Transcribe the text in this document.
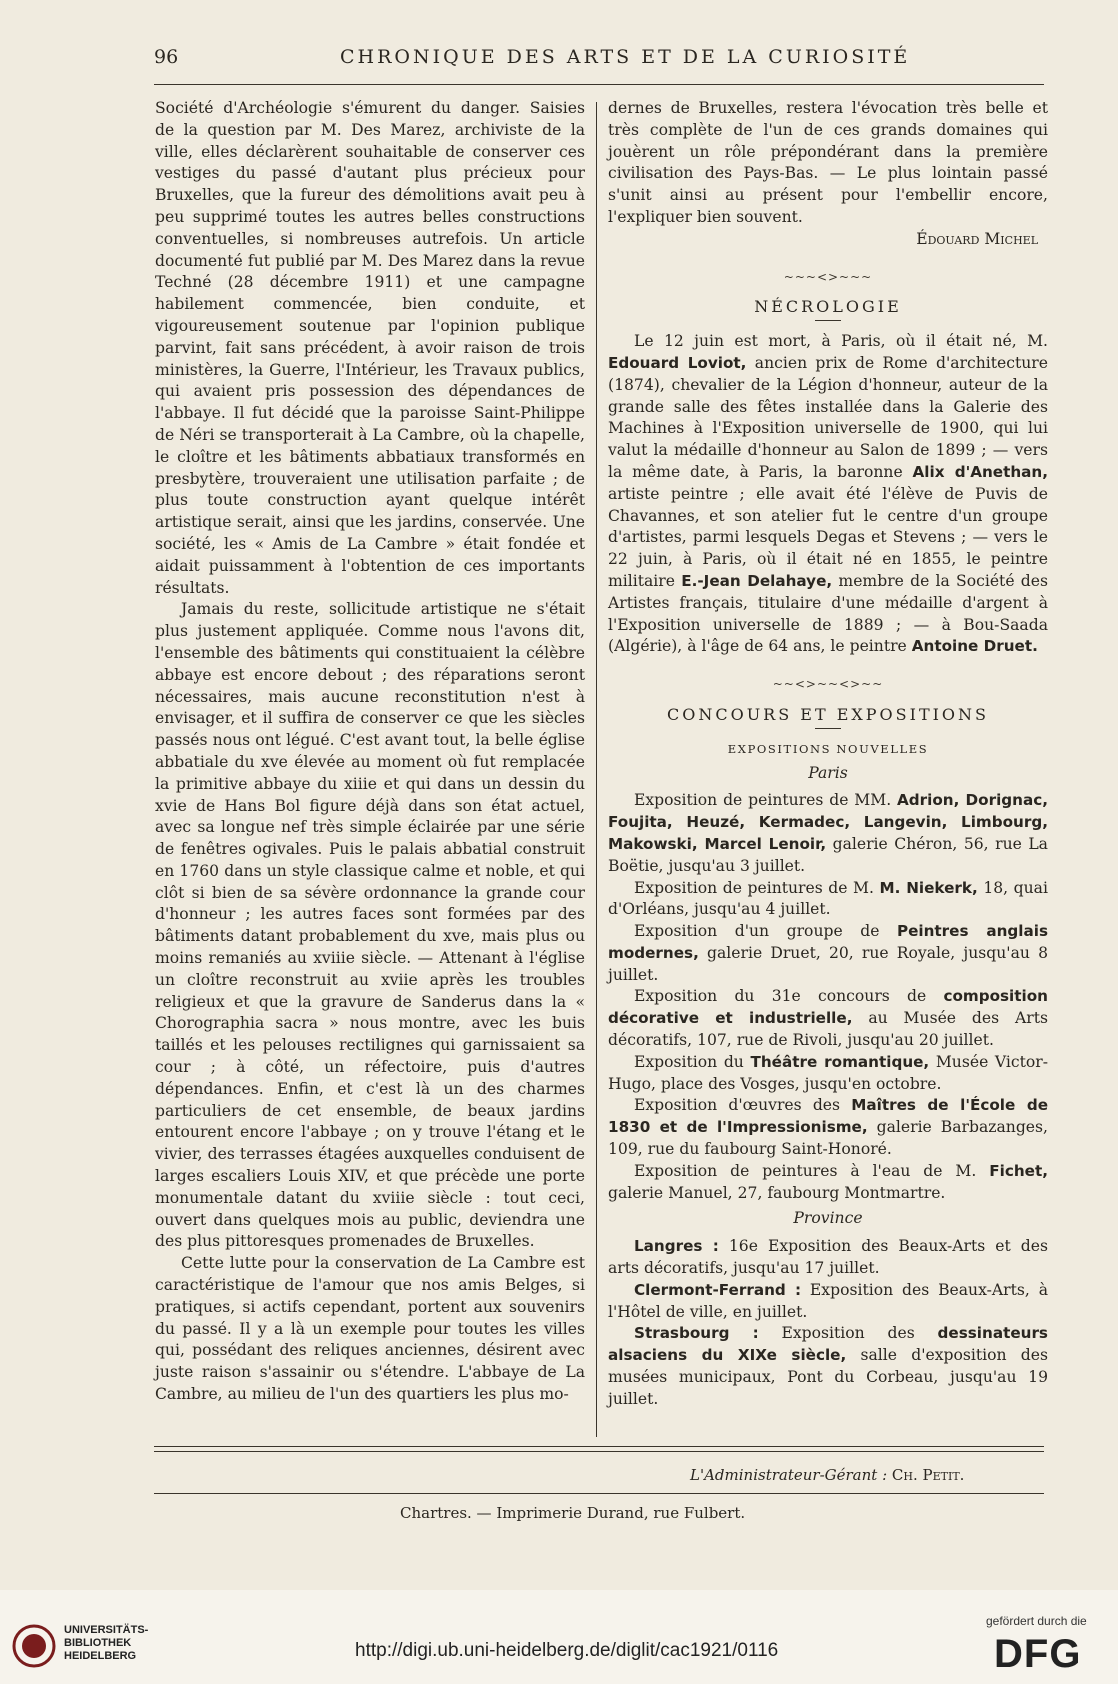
96	CHRONIQUE DES ARTS ET DE LA CURIOSITÉ

Société d'Archéologie s'émurent du danger. Saisies de la question par M. Des Marez, archiviste de la ville, elles déclarèrent souhaitable de conserver ces vestiges du passé d'autant plus précieux pour Bruxelles, que la fureur des démolitions avait peu à peu supprimé toutes les autres belles constructions conventuelles, si nombreuses autrefois. Un article documenté fut publié par M. Des Marez dans la revue Techné (28 décembre 1911) et une campagne habilement commencée, bien conduite, et vigoureusement soutenue par l'opinion publique parvint, fait sans précédent, à avoir raison de trois ministères, la Guerre, l'Intérieur, les Travaux publics, qui avaient pris possession des dépendances de l'abbaye. Il fut décidé que la paroisse Saint-Philippe de Néri se transporterait à La Cambre, où la chapelle, le cloître et les bâtiments abbatiaux transformés en presbytère, trouveraient une utilisation parfaite ; de plus toute construction ayant quelque intérêt artistique serait, ainsi que les jardins, conservée. Une société, les « Amis de La Cambre » était fondée et aidait puissamment à l'obtention de ces importants résultats.

Jamais du reste, sollicitude artistique ne s'était plus justement appliquée. Comme nous l'avons dit, l'ensemble des bâtiments qui constituaient la célèbre abbaye est encore debout ; des réparations seront nécessaires, mais aucune reconstitution n'est à envisager, et il suffira de conserver ce que les siècles passés nous ont légué. C'est avant tout, la belle église abbatiale du xve élevée au moment où fut remplacée la primitive abbaye du xiiie et qui dans un dessin du xvie de Hans Bol figure déjà dans son état actuel, avec sa longue nef très simple éclairée par une série de fenêtres ogivales. Puis le palais abbatial construit en 1760 dans un style classique calme et noble, et qui clôt si bien de sa sévère ordonnance la grande cour d'honneur ; les autres faces sont formées par des bâtiments datant probablement du xve, mais plus ou moins remaniés au xviiie siècle. — Attenant à l'église un cloître reconstruit au xviie après les troubles religieux et que la gravure de Sanderus dans la « Chorographia sacra » nous montre, avec les buis taillés et les pelouses rectilignes qui garnissaient sa cour ; à côté, un réfectoire, puis d'autres dépendances. Enfin, et c'est là un des charmes particuliers de cet ensemble, de beaux jardins entourent encore l'abbaye ; on y trouve l'étang et le vivier, des terrasses étagées auxquelles conduisent de larges escaliers Louis XIV, et que précède une porte monumentale datant du xviiie siècle : tout ceci, ouvert dans quelques mois au public, deviendra une des plus pittoresques promenades de Bruxelles.

Cette lutte pour la conservation de La Cambre est caractéristique de l'amour que nos amis Belges, si pratiques, si actifs cependant, portent aux souvenirs du passé. Il y a là un exemple pour toutes les villes qui, possédant des reliques anciennes, désirent avec juste raison s'assainir ou s'étendre. L'abbaye de La Cambre, au milieu de l'un des quartiers les plus mo-

dernes de Bruxelles, restera l'évocation très belle et très complète de l'un de ces grands domaines qui jouèrent un rôle prépondérant dans la première civilisation des Pays-Bas. — Le plus lointain passé s'unit ainsi au présent pour l'embellir encore, l'expliquer bien souvent.

Édouard Michel

~~~<>~~~
NÉCROLOGIE

Le 12 juin est mort, à Paris, où il était né, M. Edouard Loviot, ancien prix de Rome d'architecture (1874), chevalier de la Légion d'honneur, auteur de la grande salle des fêtes installée dans la Galerie des Machines à l'Exposition universelle de 1900, qui lui valut la médaille d'honneur au Salon de 1899 ; — vers la même date, à Paris, la baronne Alix d'Anethan, artiste peintre ; elle avait été l'élève de Puvis de Chavannes, et son atelier fut le centre d'un groupe d'artistes, parmi lesquels Degas et Stevens ; — vers le 22 juin, à Paris, où il était né en 1855, le peintre militaire E.-Jean Delahaye, membre de la Société des Artistes français, titulaire d'une médaille d'argent à l'Exposition universelle de 1889 ; — à Bou-Saada (Algérie), à l'âge de 64 ans, le peintre Antoine Druet.

~~<>~~<>~~
CONCOURS ET EXPOSITIONS
EXPOSITIONS NOUVELLES
Paris

Exposition de peintures de MM. Adrion, Dorignac, Foujita, Heuzé, Kermadec, Langevin, Limbourg, Makowski, Marcel Lenoir, galerie Chéron, 56, rue La Boëtie, jusqu'au 3 juillet.

Exposition de peintures de M. M. Niekerk, 18, quai d'Orléans, jusqu'au 4 juillet.

Exposition d'un groupe de Peintres anglais modernes, galerie Druet, 20, rue Royale, jusqu'au 8 juillet.

Exposition du 31e concours de composition décorative et industrielle, au Musée des Arts décoratifs, 107, rue de Rivoli, jusqu'au 20 juillet.

Exposition du Théâtre romantique, Musée Victor-Hugo, place des Vosges, jusqu'en octobre.

Exposition d'œuvres des Maîtres de l'École de 1830 et de l'Impressionisme, galerie Barbazanges, 109, rue du faubourg Saint-Honoré.

Exposition de peintures à l'eau de M. Fichet, galerie Manuel, 27, faubourg Montmartre.

Province

Langres : 16e Exposition des Beaux-Arts et des arts décoratifs, jusqu'au 17 juillet.

Clermont-Ferrand : Exposition des Beaux-Arts, à l'Hôtel de ville, en juillet.

Strasbourg : Exposition des dessinateurs alsaciens du XIXe siècle, salle d'exposition des musées municipaux, Pont du Corbeau, jusqu'au 19 juillet.

L'Administrateur-Gérant : Ch. Petit.
Chartres. — Imprimerie Durand, rue Fulbert.
UNIVERSITÄTS-
BIBLIOTHEK
HEIDELBERG	http://digi.ub.uni-heidelberg.de/diglit/cac1921/0116
gefördert durch die
DFG
